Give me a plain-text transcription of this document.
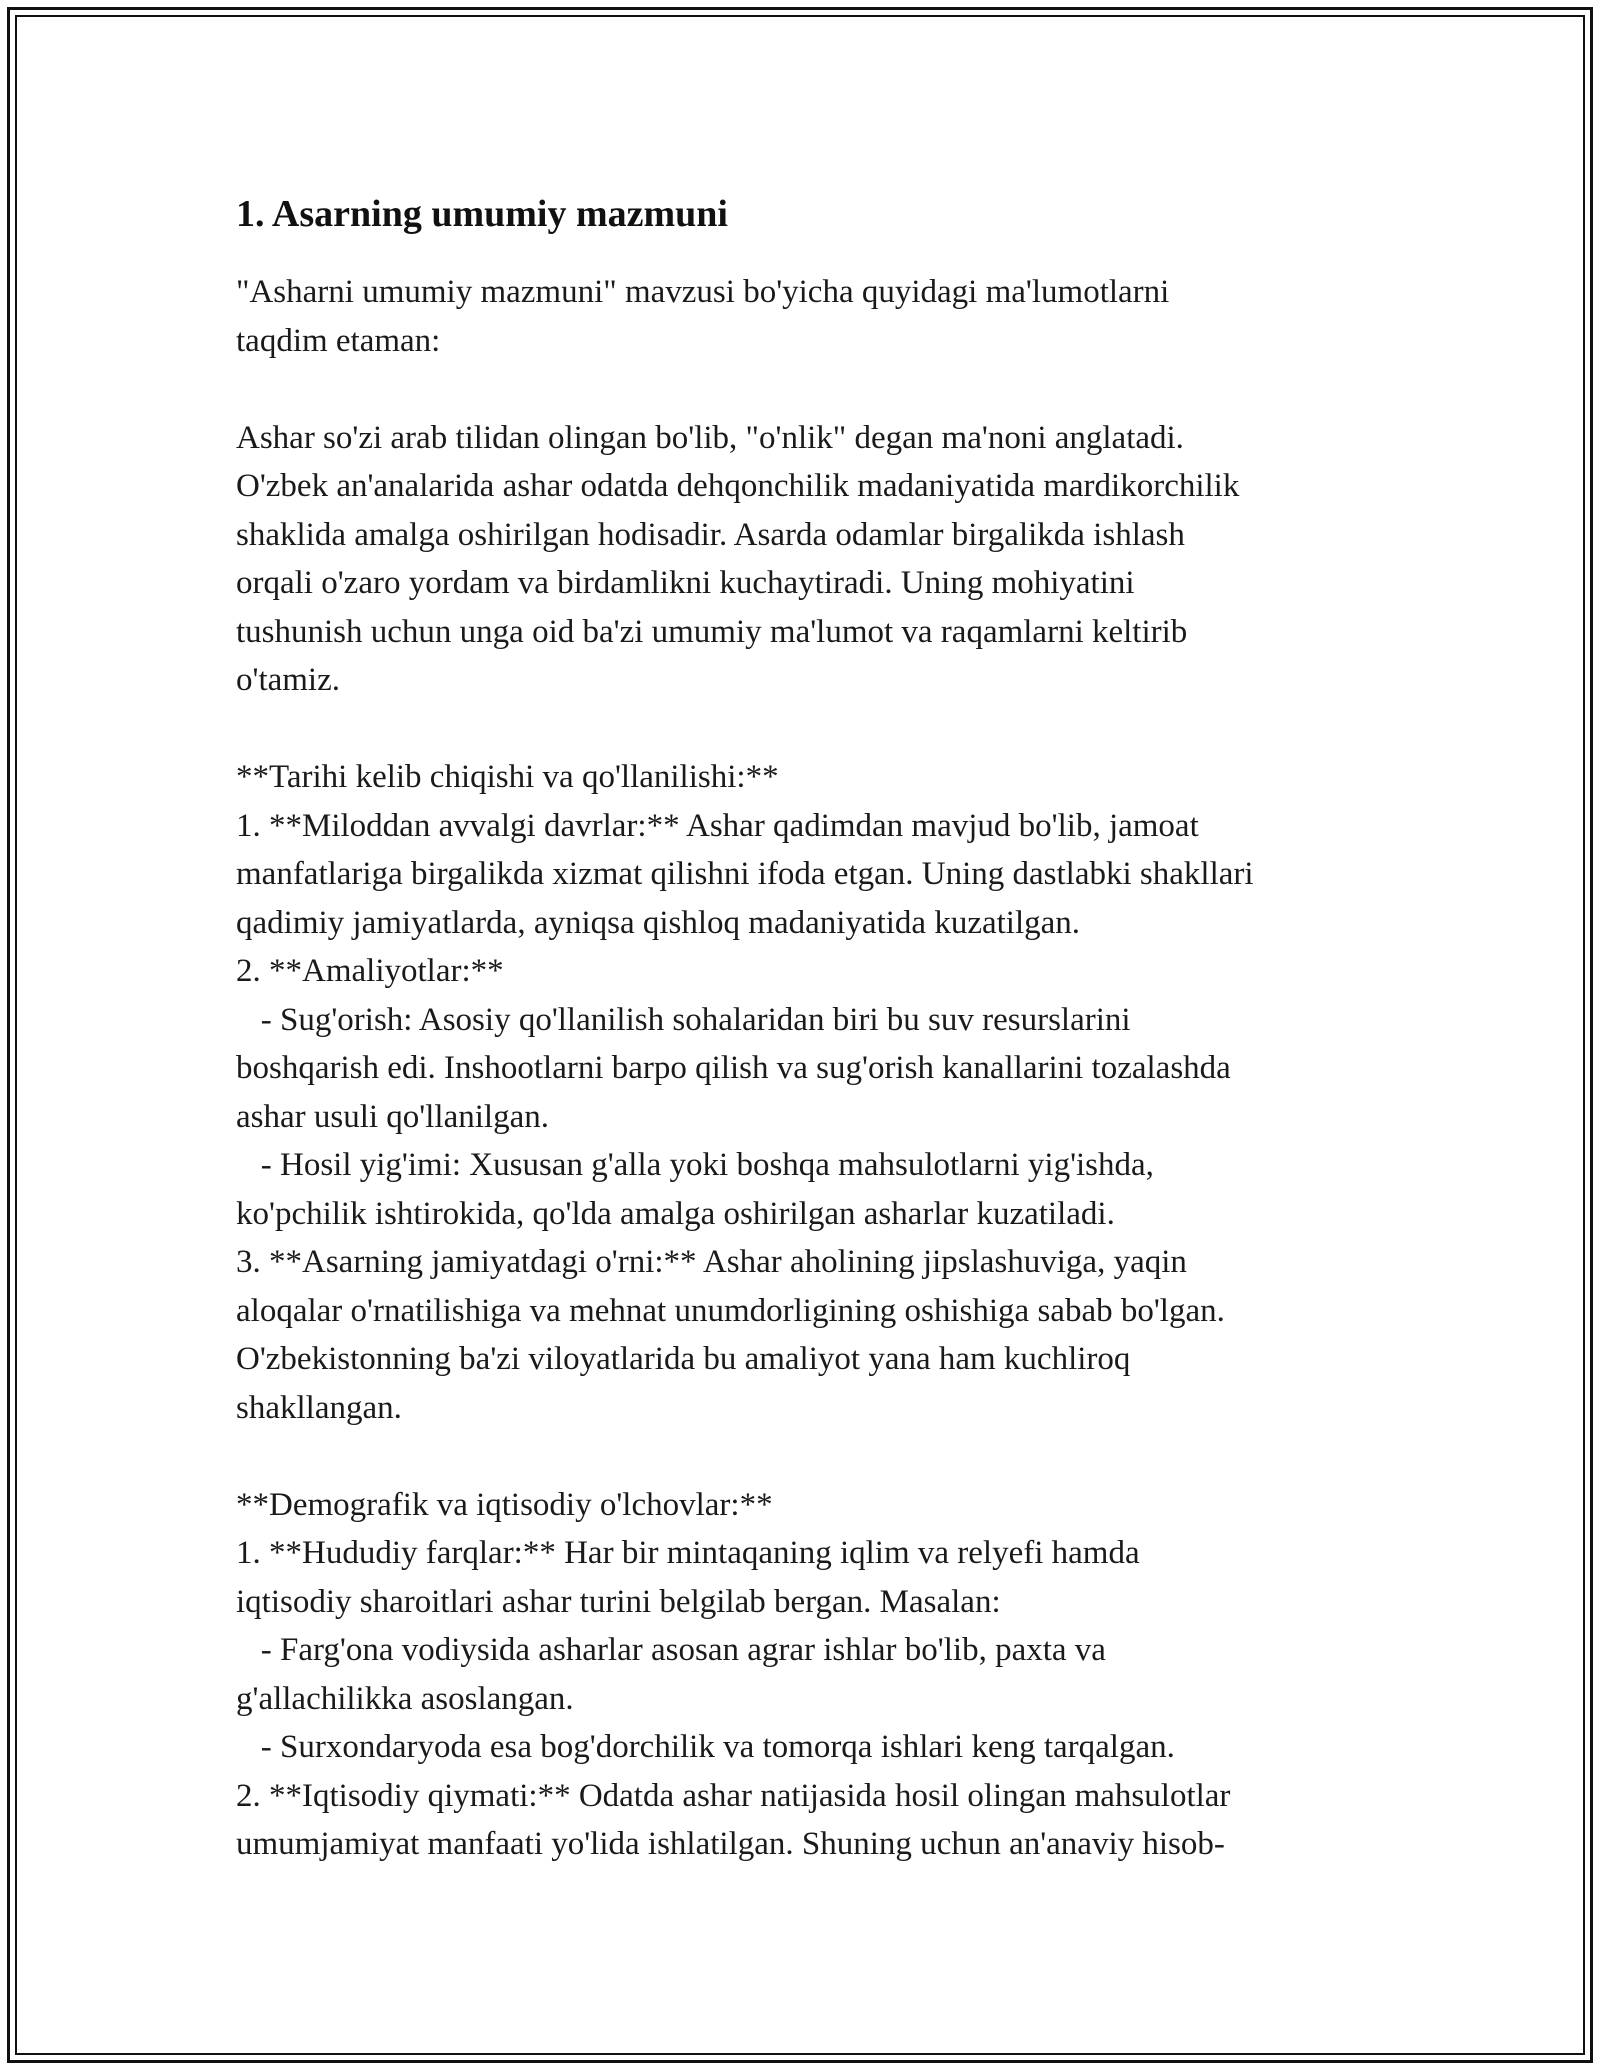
1. Asarning umumiy mazmuni

"Asharni umumiy mazmuni" mavzusi bo'yicha quyidagi ma'lumotlarni
taqdim etaman:

Ashar so'zi arab tilidan olingan bo'lib, "o'nlik" degan ma'noni anglatadi.
O'zbek an'analarida ashar odatda dehqonchilik madaniyatida mardikorchilik
shaklida amalga oshirilgan hodisadir. Asarda odamlar birgalikda ishlash
orqali o'zaro yordam va birdamlikni kuchaytiradi. Uning mohiyatini
tushunish uchun unga oid ba'zi umumiy ma'lumot va raqamlarni keltirib
o'tamiz.

**Tarihi kelib chiqishi va qo'llanilishi:**
1. **Miloddan avvalgi davrlar:** Ashar qadimdan mavjud bo'lib, jamoat
manfatlariga birgalikda xizmat qilishni ifoda etgan. Uning dastlabki shakllari
qadimiy jamiyatlarda, ayniqsa qishloq madaniyatida kuzatilgan.
2. **Amaliyotlar:**
- Sug'orish: Asosiy qo'llanilish sohalaridan biri bu suv resurslarini
boshqarish edi. Inshootlarni barpo qilish va sug'orish kanallarini tozalashda
ashar usuli qo'llanilgan.
- Hosil yig'imi: Xususan g'alla yoki boshqa mahsulotlarni yig'ishda,
ko'pchilik ishtirokida, qo'lda amalga oshirilgan asharlar kuzatiladi.
3. **Asarning jamiyatdagi o'rni:** Ashar aholining jipslashuviga, yaqin
aloqalar o'rnatilishiga va mehnat unumdorligining oshishiga sabab bo'lgan.
O'zbekistonning ba'zi viloyatlarida bu amaliyot yana ham kuchliroq
shakllangan.

**Demografik va iqtisodiy o'lchovlar:**
1. **Hududiy farqlar:** Har bir mintaqaning iqlim va relyefi hamda
iqtisodiy sharoitlari ashar turini belgilab bergan. Masalan:
- Farg'ona vodiysida asharlar asosan agrar ishlar bo'lib, paxta va
g'allachilikka asoslangan.
- Surxondaryoda esa bog'dorchilik va tomorqa ishlari keng tarqalgan.
2. **Iqtisodiy qiymati:** Odatda ashar natijasida hosil olingan mahsulotlar
umumjamiyat manfaati yo'lida ishlatilgan. Shuning uchun an'anaviy hisob-
